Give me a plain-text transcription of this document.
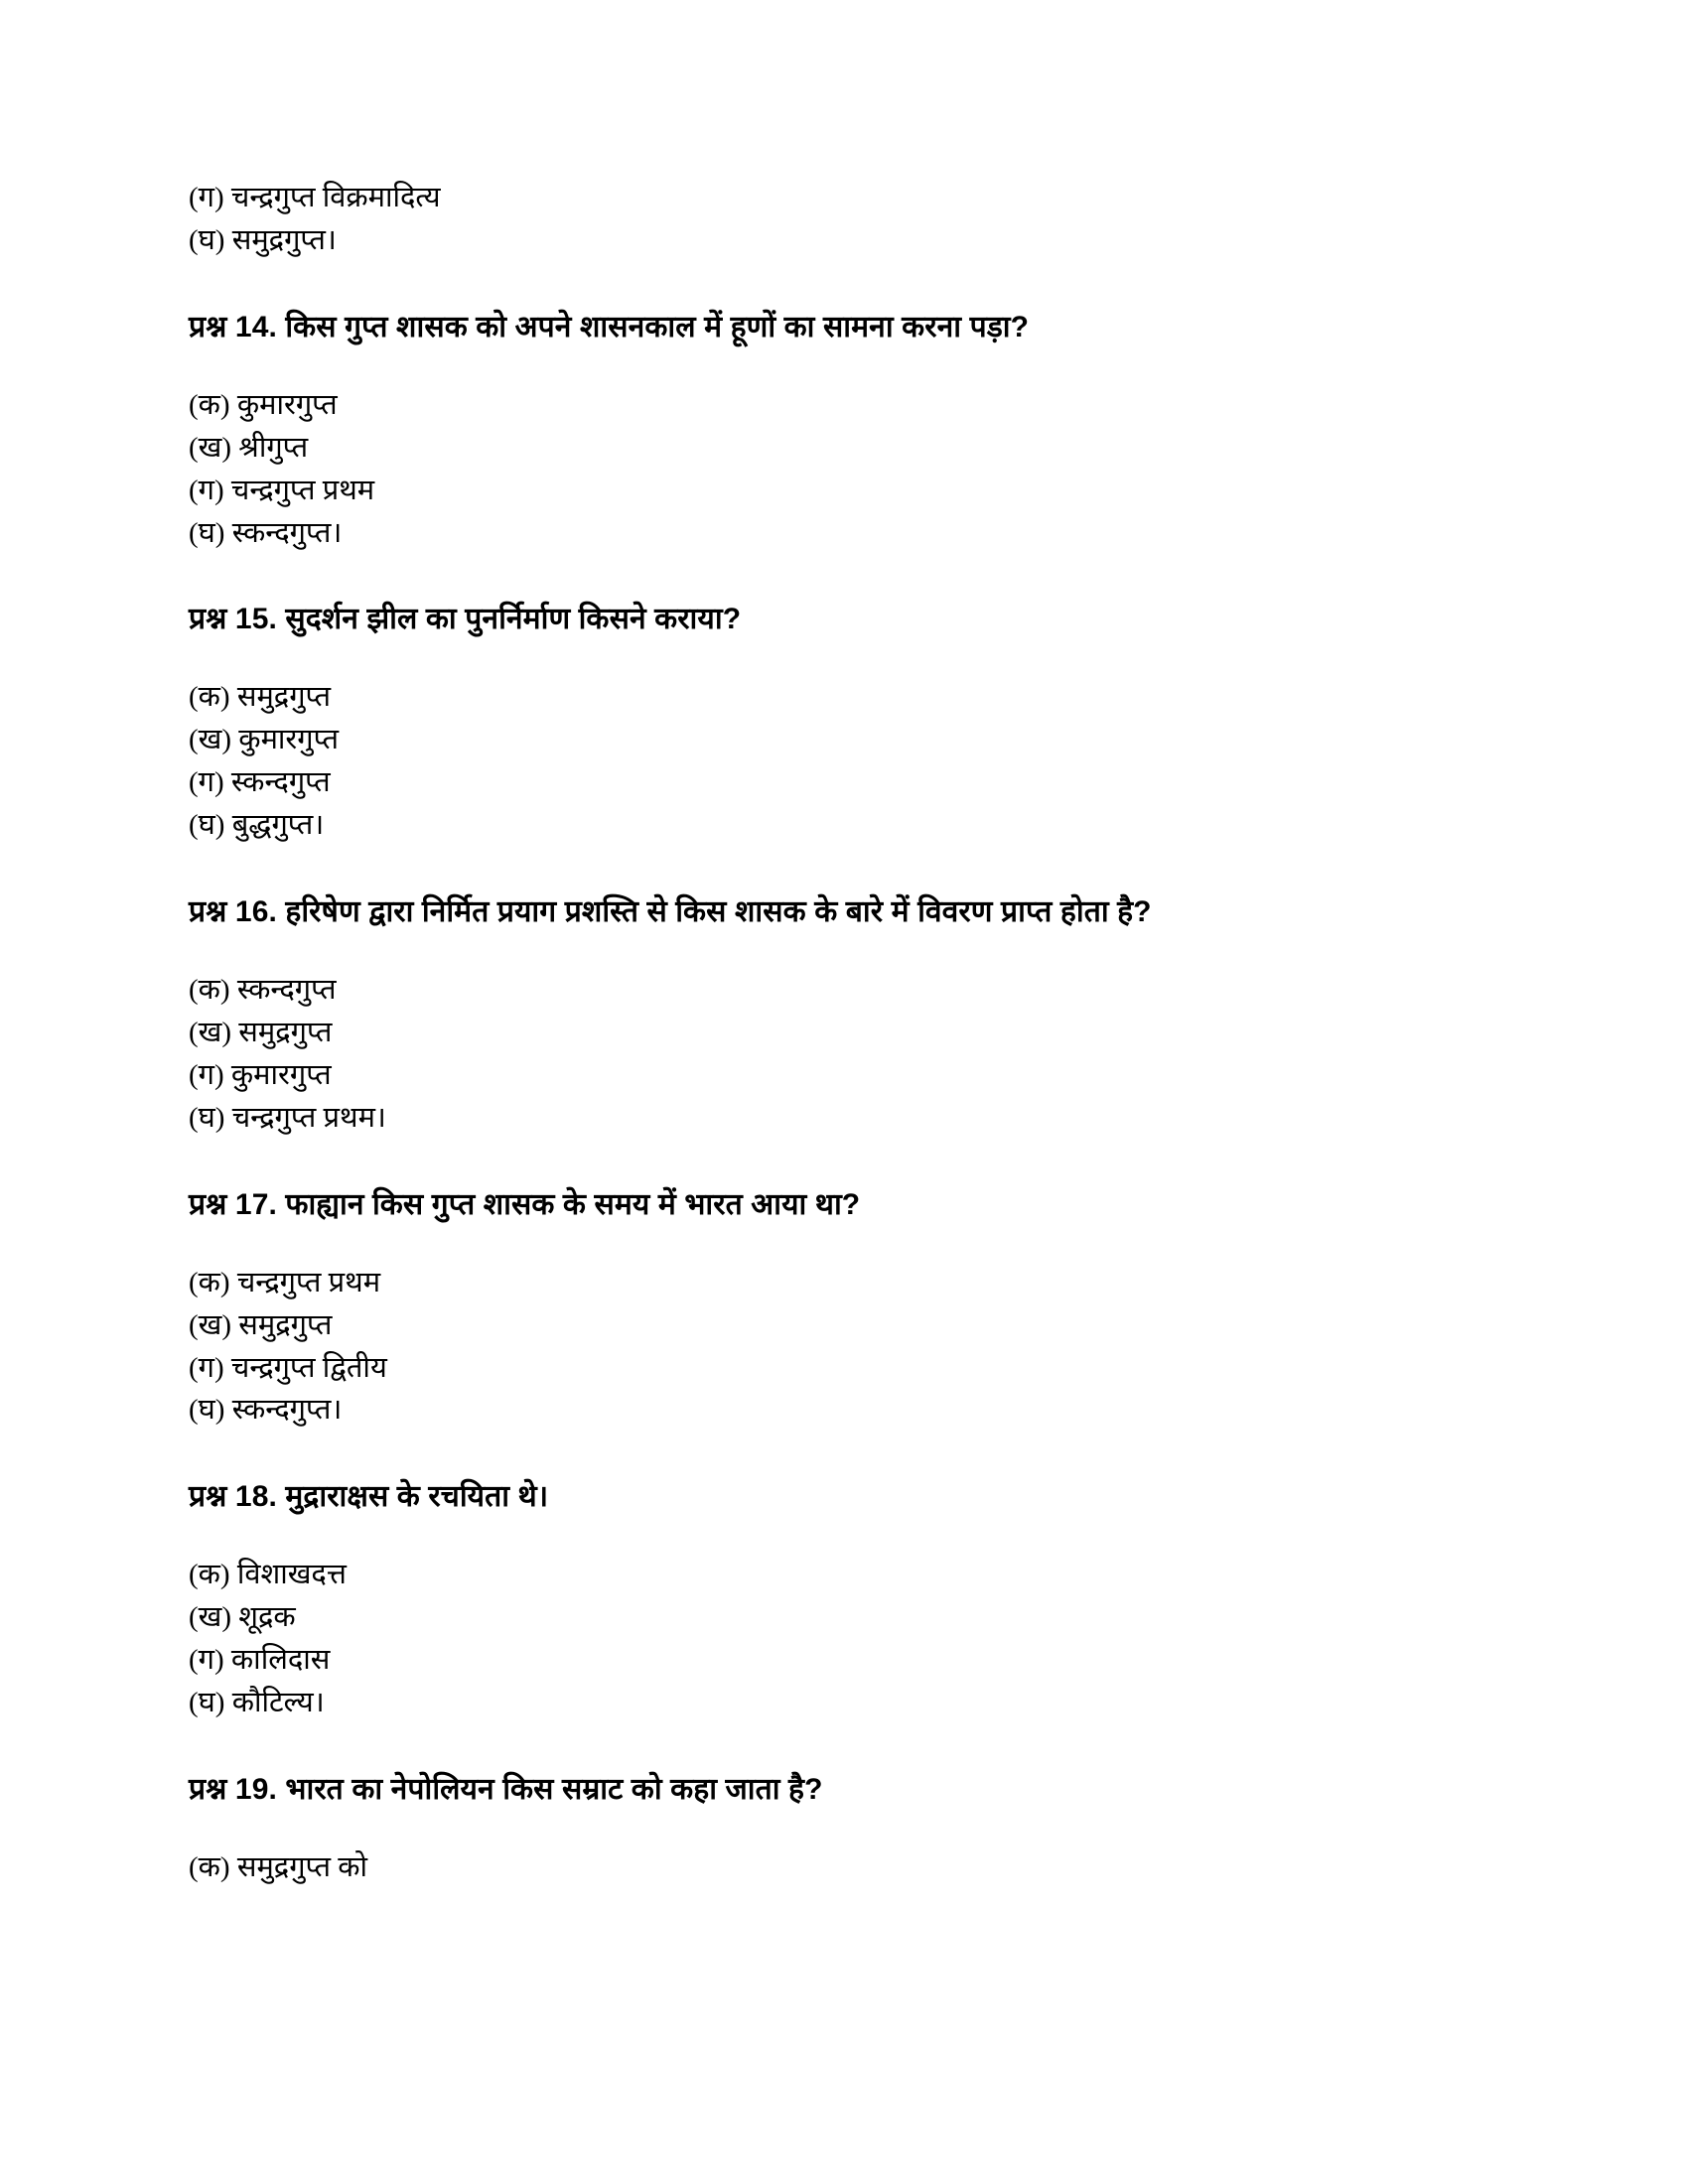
(ग) चन्द्रगुप्त विक्रमादित्य
(घ) समुद्रगुप्त।

प्रश्न 14. किस गुप्त शासक को अपने शासनकाल में हूणों का सामना करना पड़ा?

(क) कुमारगुप्त
(ख) श्रीगुप्त
(ग) चन्द्रगुप्त प्रथम
(घ) स्कन्दगुप्त।

प्रश्न 15. सुदर्शन झील का पुनर्निर्माण किसने कराया?

(क) समुद्रगुप्त
(ख) कुमारगुप्त
(ग) स्कन्दगुप्त
(घ) बुद्धगुप्त।

प्रश्न 16. हरिषेण द्वारा निर्मित प्रयाग प्रशस्ति से किस शासक के बारे में विवरण प्राप्त होता है?

(क) स्कन्दगुप्त
(ख) समुद्रगुप्त
(ग) कुमारगुप्त
(घ) चन्द्रगुप्त प्रथम।

प्रश्न 17. फाह्यान किस गुप्त शासक के समय में भारत आया था?

(क) चन्द्रगुप्त प्रथम
(ख) समुद्रगुप्त
(ग) चन्द्रगुप्त द्वितीय
(घ) स्कन्दगुप्त।

प्रश्न 18. मुद्राराक्षस के रचयिता थे।

(क) विशाखदत्त
(ख) शूद्रक
(ग) कालिदास
(घ) कौटिल्य।

प्रश्न 19. भारत का नेपोलियन किस सम्राट को कहा जाता है?

(क) समुद्रगुप्त को
